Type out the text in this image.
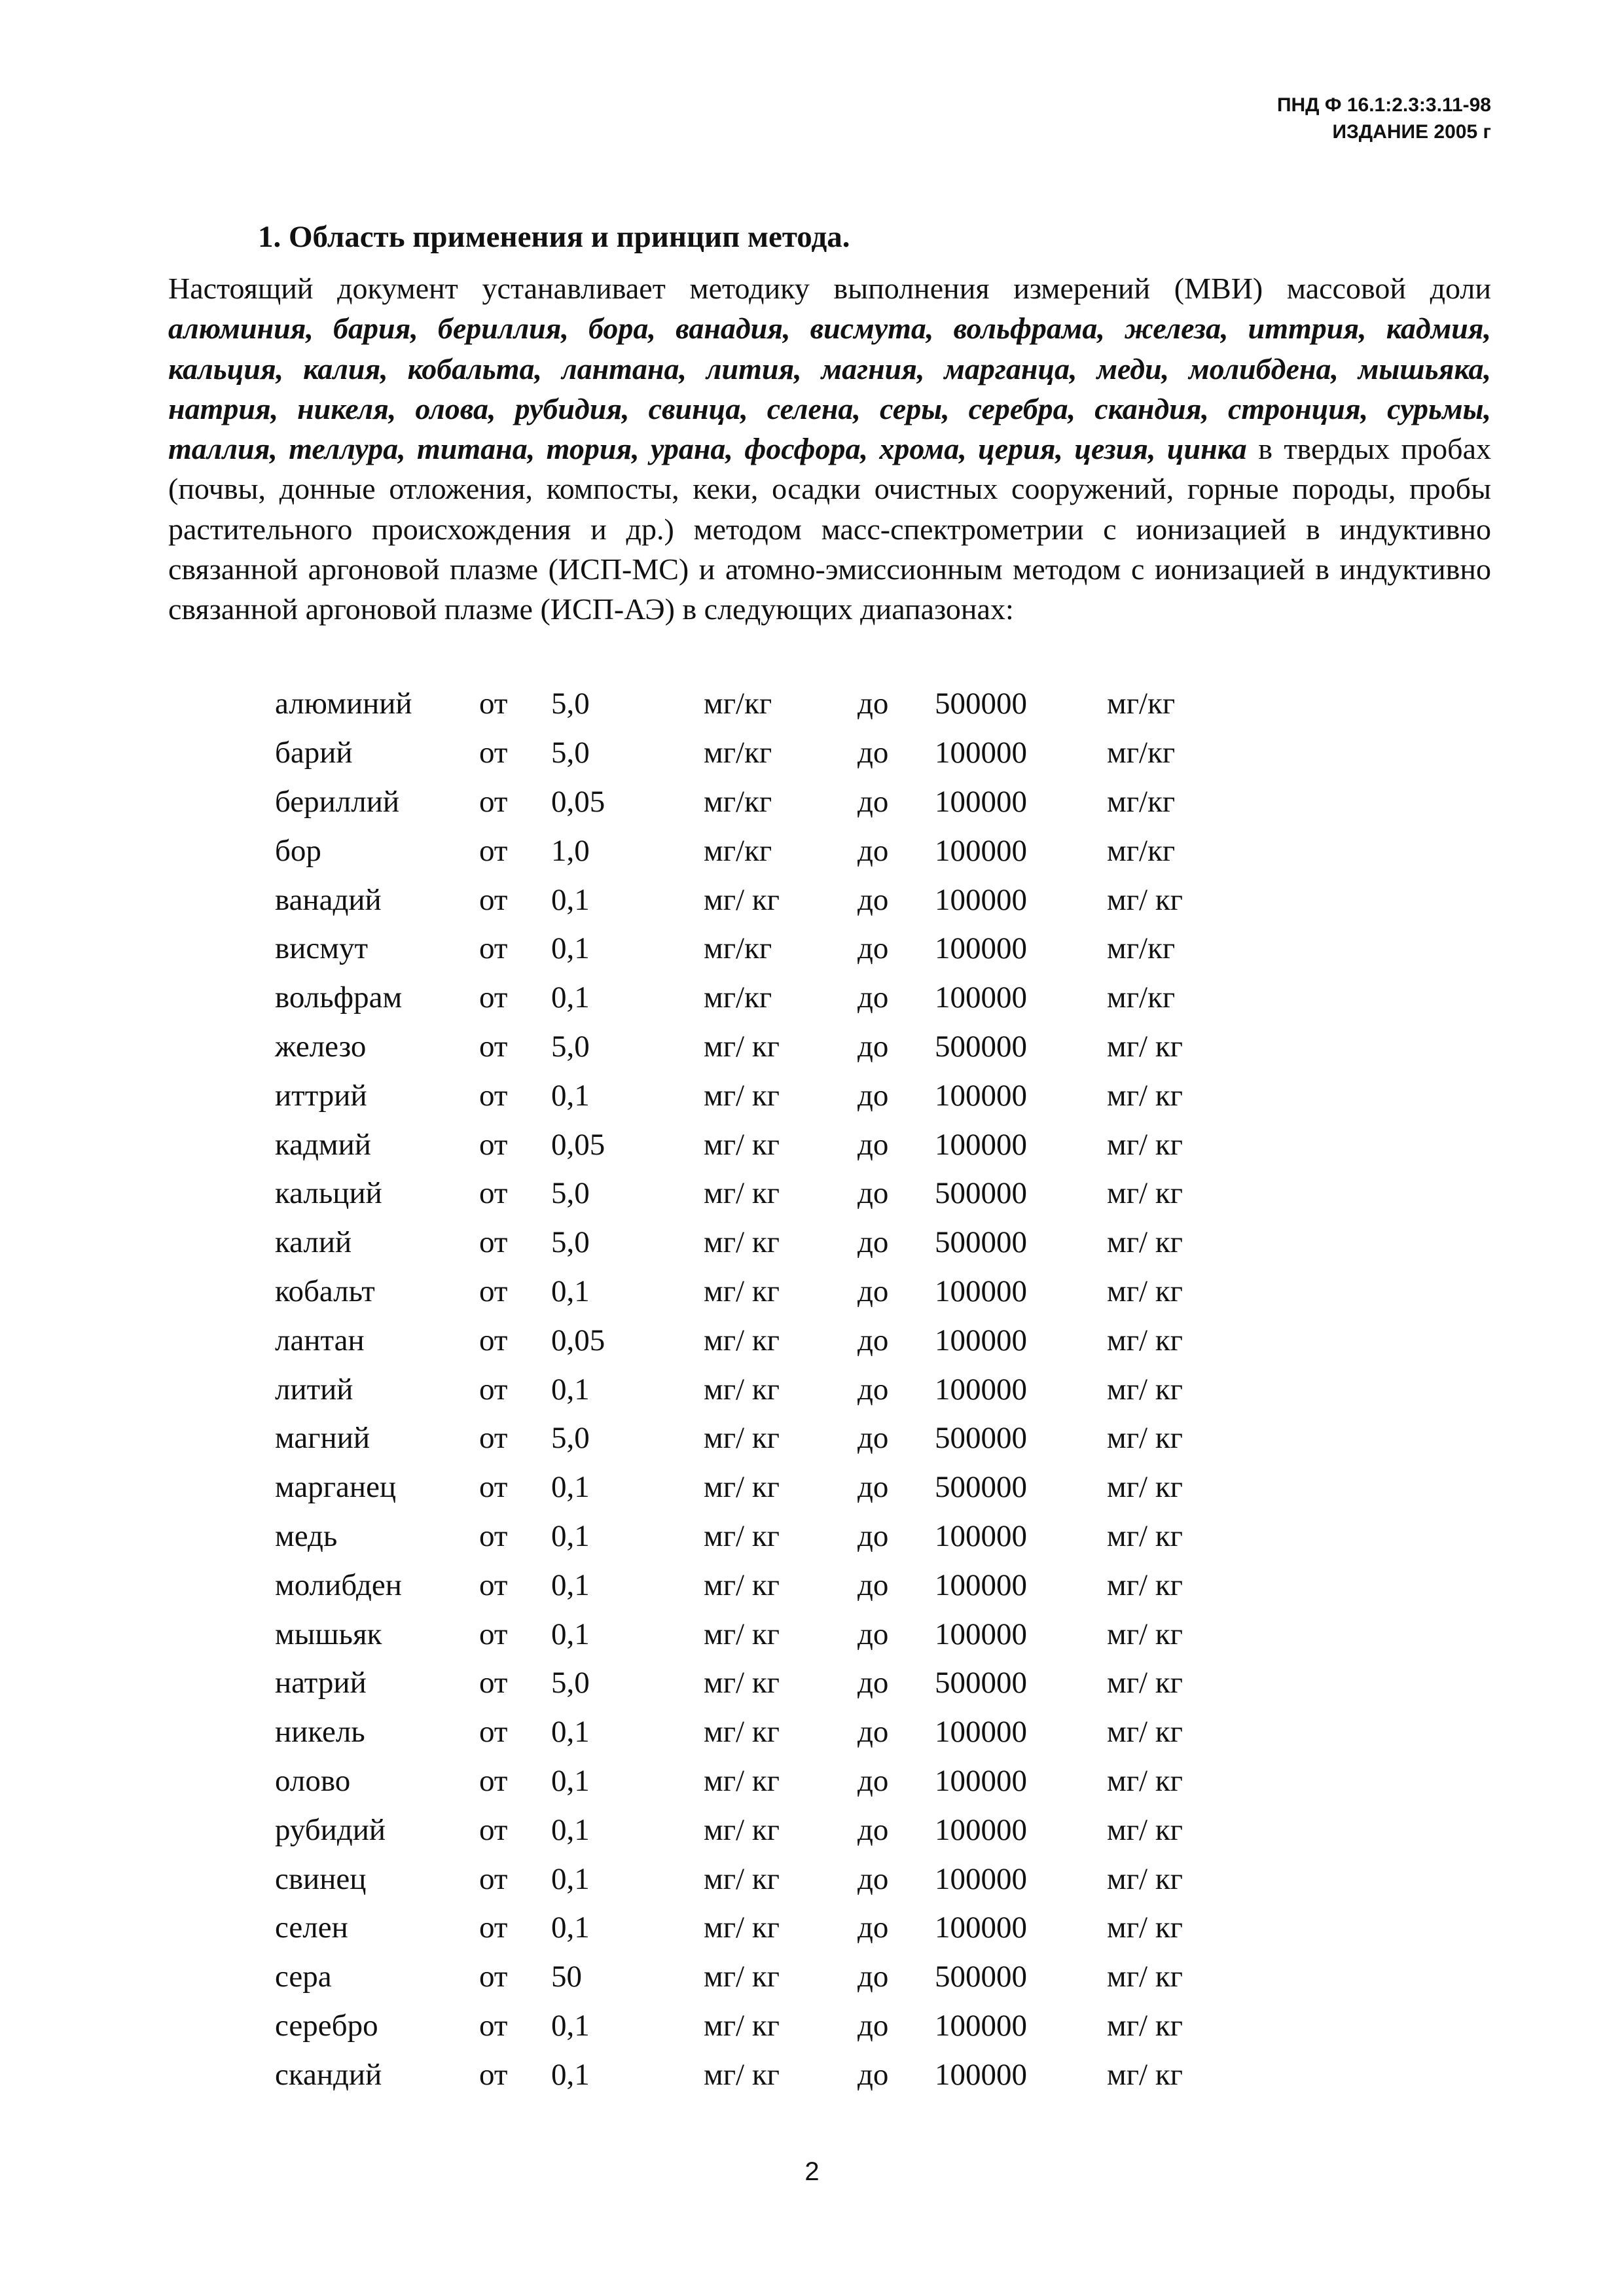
ПНД Ф 16.1:2.3:3.11-98
ИЗДАНИЕ 2005 г
1. Область применения и принцип метода.

Настоящий документ устанавливает методику выполнения измерений (МВИ) массовой доли алюминия, бария, бериллия, бора, ванадия, висмута, вольфрама, железа, иттрия, кадмия, кальция, калия, кобальта, лантана, лития, магния, марганца, меди, молибдена, мышьяка, натрия, никеля, олова, рубидия, свинца, селена, серы, серебра, скандия, стронция, сурьмы, таллия, теллура, титана, тория, урана, фосфора, хрома, церия, цезия, цинка в твердых пробах (почвы, донные отложения, компосты, кеки, осадки очистных сооружений, горные породы, пробы растительного происхождения и др.) методом масс-спектрометрии с ионизацией в индуктивно связанной аргоновой плазме (ИСП-МС) и атомно-эмиссионным методом с ионизацией в индуктивно связанной аргоновой плазме (ИСП-АЭ) в следующих диапазонах:

алюминий	от	5,0	мг/кг	до	500000	мг/кг
барий	от	5,0	мг/кг	до	100000	мг/кг
бериллий	от	0,05	мг/кг	до	100000	мг/кг
бор	от	1,0	мг/кг	до	100000	мг/кг
ванадий	от	0,1	мг/ кг	до	100000	мг/ кг
висмут	от	0,1	мг/кг	до	100000	мг/кг
вольфрам	от	0,1	мг/кг	до	100000	мг/кг
железо	от	5,0	мг/ кг	до	500000	мг/ кг
иттрий	от	0,1	мг/ кг	до	100000	мг/ кг
кадмий	от	0,05	мг/ кг	до	100000	мг/ кг
кальций	от	5,0	мг/ кг	до	500000	мг/ кг
калий	от	5,0	мг/ кг	до	500000	мг/ кг
кобальт	от	0,1	мг/ кг	до	100000	мг/ кг
лантан	от	0,05	мг/ кг	до	100000	мг/ кг
литий	от	0,1	мг/ кг	до	100000	мг/ кг
магний	от	5,0	мг/ кг	до	500000	мг/ кг
марганец	от	0,1	мг/ кг	до	500000	мг/ кг
медь	от	0,1	мг/ кг	до	100000	мг/ кг
молибден	от	0,1	мг/ кг	до	100000	мг/ кг
мышьяк	от	0,1	мг/ кг	до	100000	мг/ кг
натрий	от	5,0	мг/ кг	до	500000	мг/ кг
никель	от	0,1	мг/ кг	до	100000	мг/ кг
олово	от	0,1	мг/ кг	до	100000	мг/ кг
рубидий	от	0,1	мг/ кг	до	100000	мг/ кг
свинец	от	0,1	мг/ кг	до	100000	мг/ кг
селен	от	0,1	мг/ кг	до	100000	мг/ кг
сера	от	50	мг/ кг	до	500000	мг/ кг
серебро	от	0,1	мг/ кг	до	100000	мг/ кг
скандий	от	0,1	мг/ кг	до	100000	мг/ кг
2
